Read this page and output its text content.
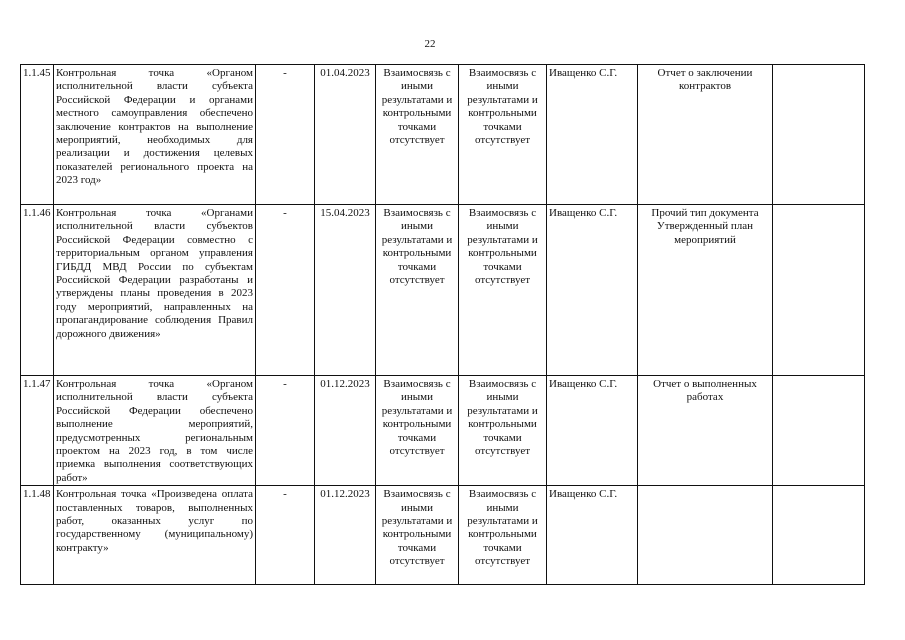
22
1.1.45	Контрольная точка «Органом исполнительной власти субъекта Российской Федерации и органами местного самоуправления обеспечено заключение контрактов на выполнение мероприятий, необходимых для реализации и достижения целевых показателей регионального проекта на 2023 год»	-	01.04.2023	Взаимосвязь с иными результатами и контрольными точками отсутствует	Взаимосвязь с иными результатами и контрольными точками отсутствует	Иващенко С.Г.	Отчет о заключении контрактов	
1.1.46	Контрольная точка «Органами исполнительной власти субъектов Российской Федерации совместно с территориальным органом управления ГИБДД МВД России по субъектам Российской Федерации разработаны и утверждены планы проведения в 2023 году мероприятий, направленных на пропагандирование соблюдения Правил дорожного движения»	-	15.04.2023	Взаимосвязь с иными результатами и контрольными точками отсутствует	Взаимосвязь с иными результатами и контрольными точками отсутствует	Иващенко С.Г.	Прочий тип документа Утвержденный план мероприятий	
1.1.47	Контрольная точка «Органом исполнительной власти субъекта Российской Федерации обеспечено выполнение мероприятий, предусмотренных региональным проектом на 2023 год, в том числе приемка выполнения соответствующих работ»	-	01.12.2023	Взаимосвязь с иными результатами и контрольными точками отсутствует	Взаимосвязь с иными результатами и контрольными точками отсутствует	Иващенко С.Г.	Отчет о выполненных работах	
1.1.48	Контрольная точка «Произведена оплата поставленных товаров, выполненных работ, оказанных услуг по государственному (муниципальному) контракту»	-	01.12.2023	Взаимосвязь с иными результатами и контрольными точками отсутствует	Взаимосвязь с иными результатами и контрольными точками отсутствует	Иващенко С.Г.		
